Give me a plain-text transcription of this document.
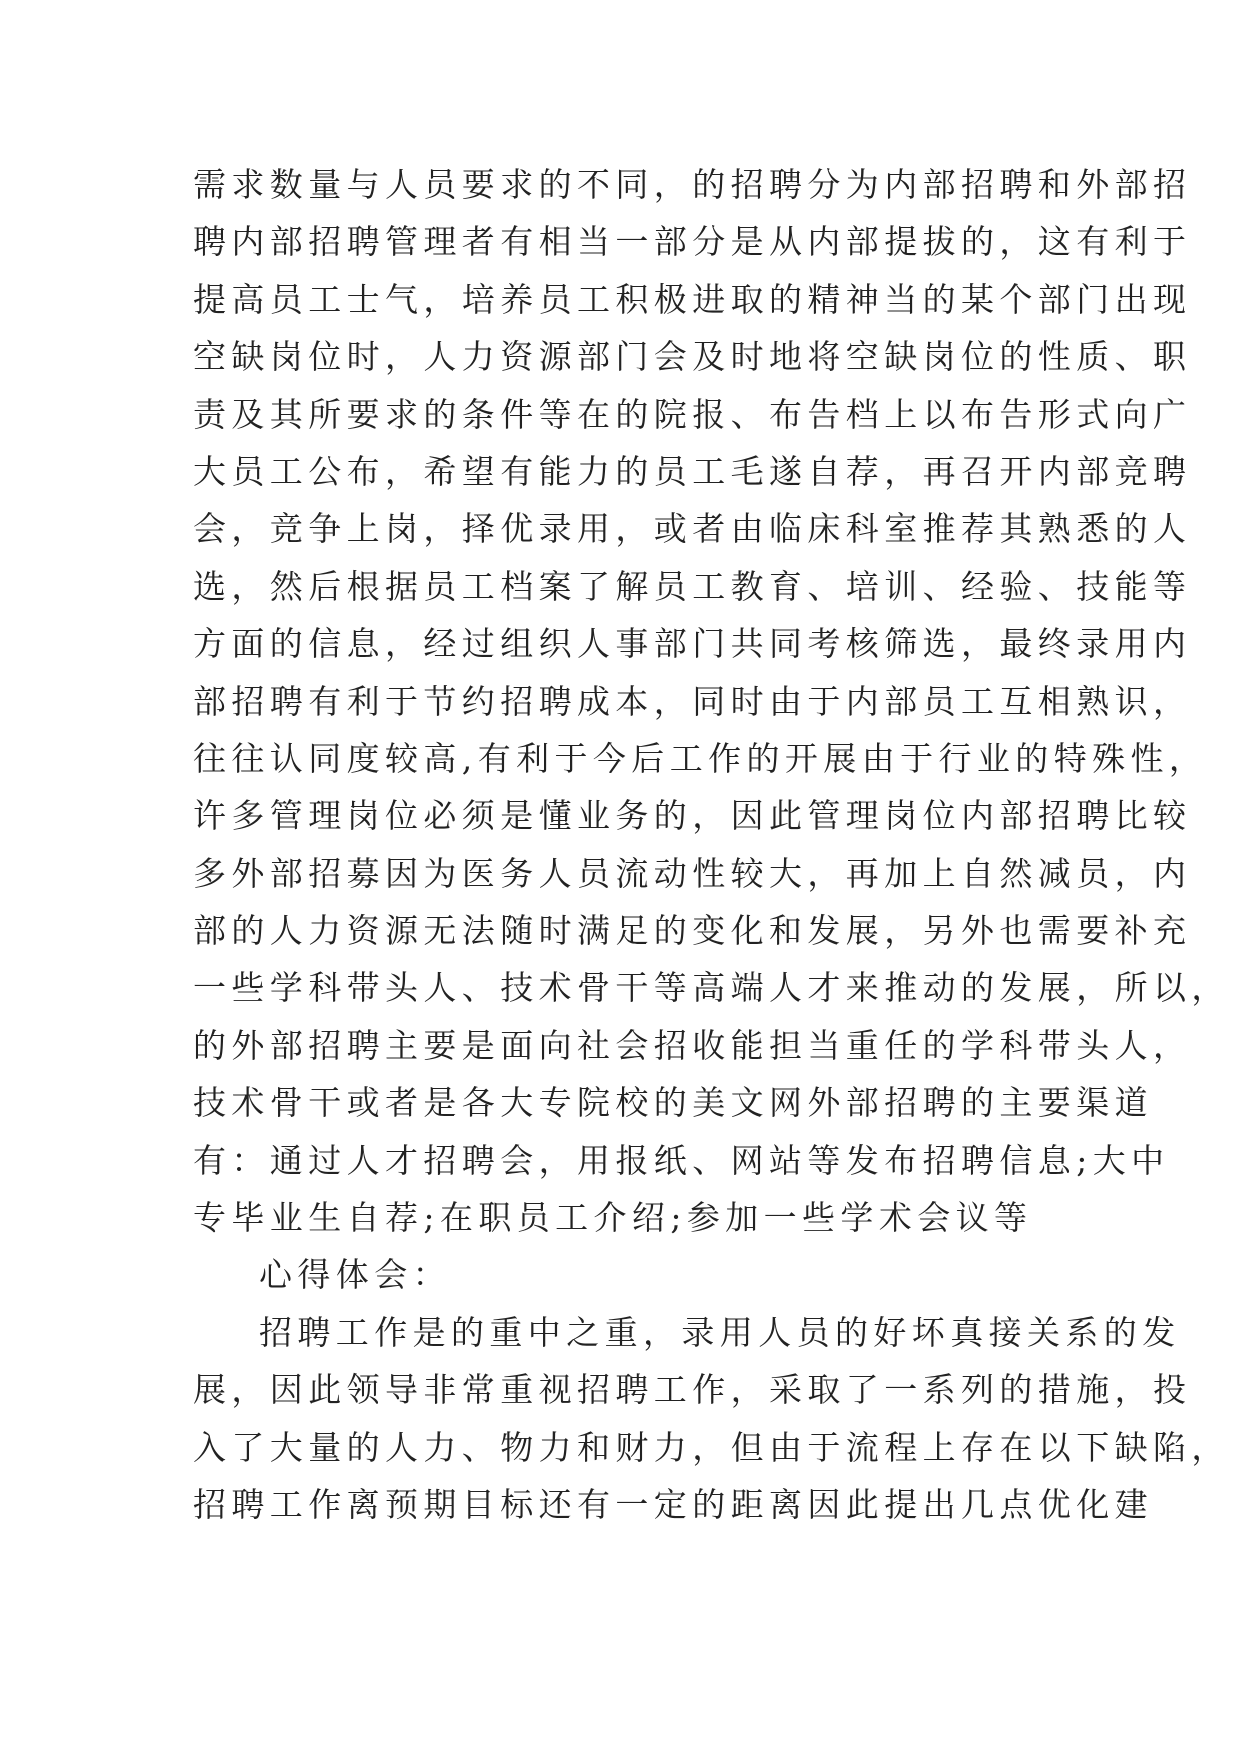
需求数量与人员要求的不同，的招聘分为内部招聘和外部招
聘内部招聘管理者有相当一部分是从内部提拔的，这有利于
提高员工士气，培养员工积极进取的精神当的某个部门出现
空缺岗位时，人力资源部门会及时地将空缺岗位的性质、职
责及其所要求的条件等在的院报、布告档上以布告形式向广
大员工公布，希望有能力的员工毛遂自荐，再召开内部竞聘
会，竞争上岗，择优录用，或者由临床科室推荐其熟悉的人
选，然后根据员工档案了解员工教育、培训、经验、技能等
方面的信息，经过组织人事部门共同考核筛选，最终录用内
部招聘有利于节约招聘成本，同时由于内部员工互相熟识，
往往认同度较高,有利于今后工作的开展由于行业的特殊性，
许多管理岗位必须是懂业务的，因此管理岗位内部招聘比较
多外部招募因为医务人员流动性较大，再加上自然减员，内
部的人力资源无法随时满足的变化和发展，另外也需要补充
一些学科带头人、技术骨干等高端人才来推动的发展，所以，
的外部招聘主要是面向社会招收能担当重任的学科带头人，
技术骨干或者是各大专院校的美文网外部招聘的主要渠道
有：通过人才招聘会，用报纸、网站等发布招聘信息;大中
专毕业生自荐;在职员工介绍;参加一些学术会议等
心得体会：
招聘工作是的重中之重，录用人员的好坏真接关系的发
展，因此领导非常重视招聘工作，采取了一系列的措施，投
入了大量的人力、物力和财力，但由于流程上存在以下缺陷，
招聘工作离预期目标还有一定的距离因此提出几点优化建
